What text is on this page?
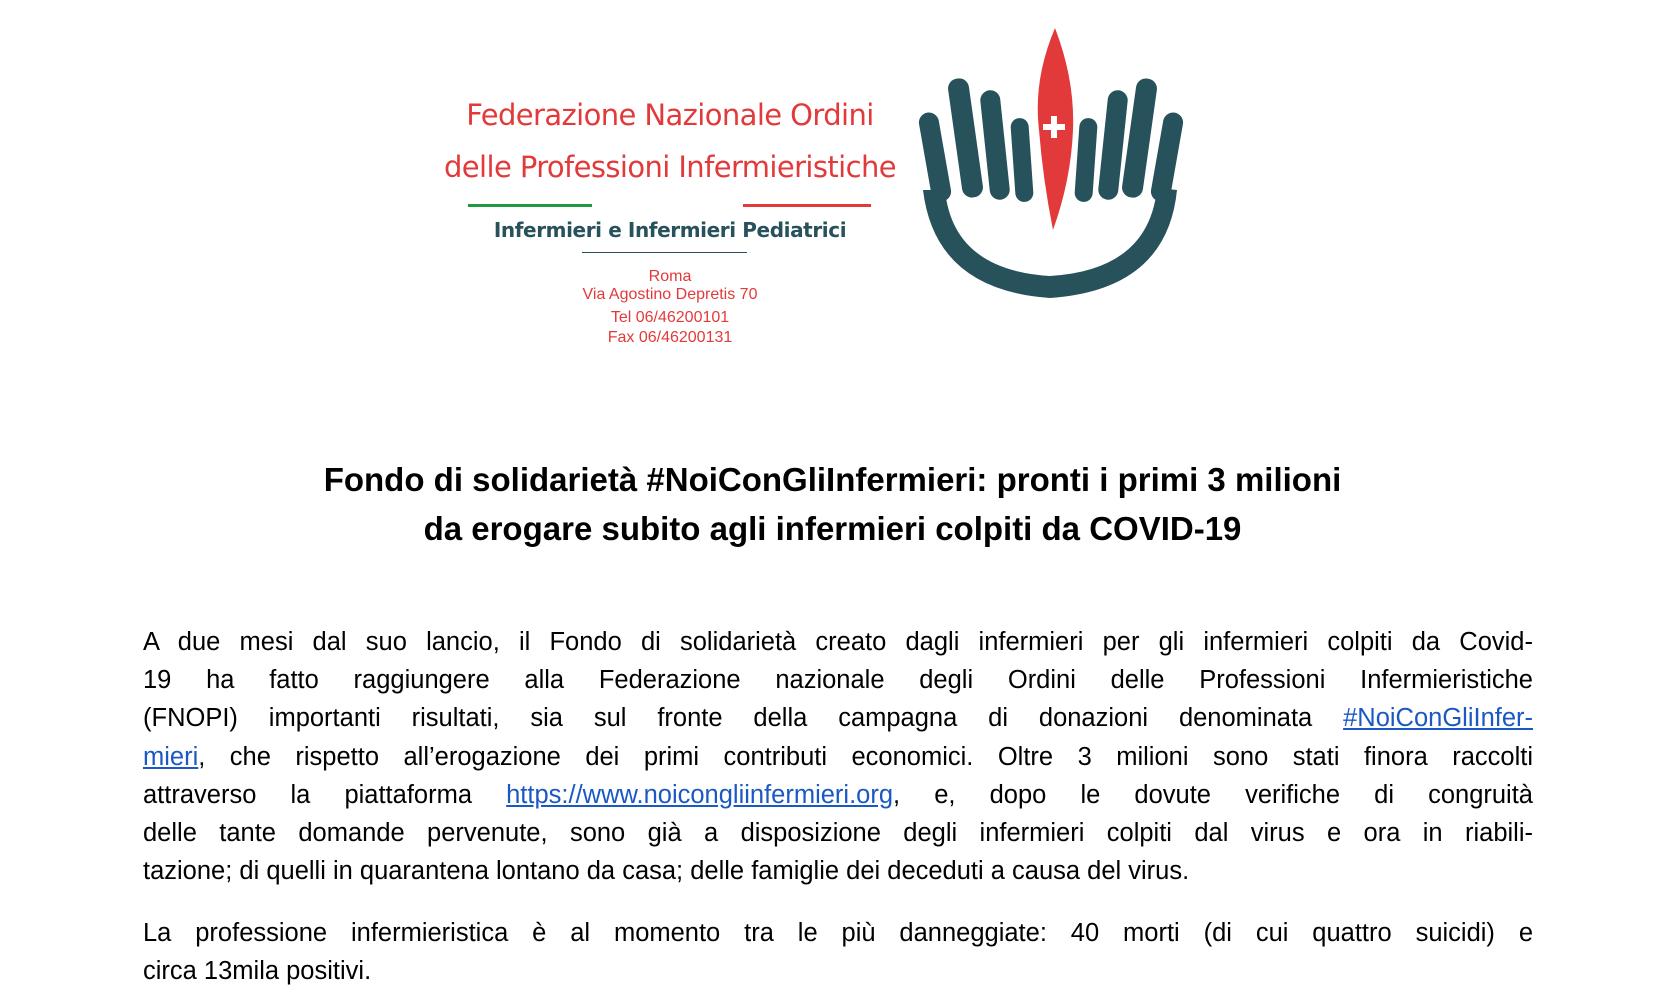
Federazione Nazionale Ordini
delle Professioni Infermieristiche
Infermieri e Infermieri Pediatrici
Roma
Via Agostino Depretis 70
Tel 06/46200101
Fax 06/46200131
Fondo di solidarietà #NoiConGliInfermieri: pronti i primi 3 milioni
da erogare subito agli infermieri colpiti da COVID-19
A due mesi dal suo lancio, il Fondo di solidarietà creato dagli infermieri per gli infermieri colpiti da Covid-
19 ha fatto raggiungere alla Federazione nazionale degli Ordini delle Professioni Infermieristiche
(FNOPI) importanti risultati, sia sul fronte della campagna di donazioni denominata #NoiConGliInfer-
mieri, che rispetto all’erogazione dei primi contributi economici. Oltre 3 milioni sono stati finora raccolti
attraverso la piattaforma https://www.noicongliinfermieri.org, e, dopo le dovute verifiche di congruità
delle tante domande pervenute, sono già a disposizione degli infermieri colpiti dal virus e ora in riabili-
tazione; di quelli in quarantena lontano da casa; delle famiglie dei deceduti a causa del virus.
La professione infermieristica è al momento tra le più danneggiate: 40 morti (di cui quattro suicidi) e
circa 13mila positivi.
